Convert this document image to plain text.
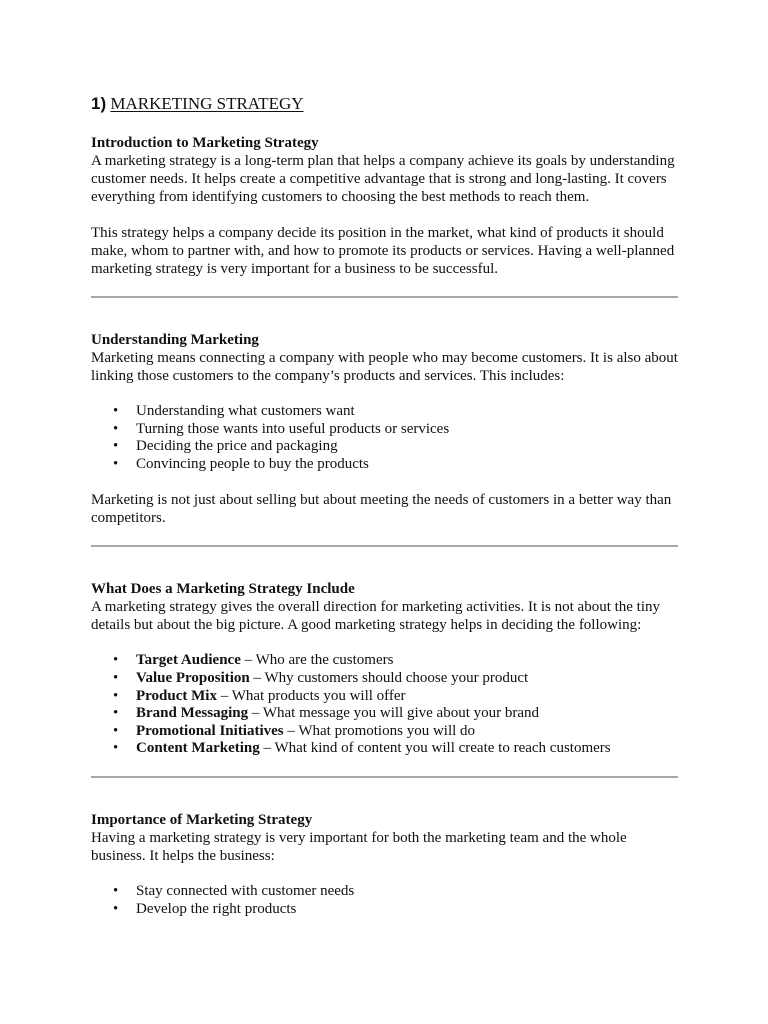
1) MARKETING STRATEGY
Introduction to Marketing Strategy

A marketing strategy is a long-term plan that helps a company achieve its goals by understanding customer needs. It helps create a competitive advantage that is strong and long-lasting. It covers everything from identifying customers to choosing the best methods to reach them.

This strategy helps a company decide its position in the market, what kind of products it should make, whom to partner with, and how to promote its products or services. Having a well-planned marketing strategy is very important for a business to be successful.

Understanding Marketing

Marketing means connecting a company with people who may become customers. It is also about linking those customers to the company’s products and services. This includes:

• Understanding what customers want
• Turning those wants into useful products or services
• Deciding the price and packaging
• Convincing people to buy the products

Marketing is not just about selling but about meeting the needs of customers in a better way than competitors.

What Does a Marketing Strategy Include

A marketing strategy gives the overall direction for marketing activities. It is not about the tiny details but about the big picture. A good marketing strategy helps in deciding the following:

• Target Audience – Who are the customers
• Value Proposition – Why customers should choose your product
• Product Mix – What products you will offer
• Brand Messaging – What message you will give about your brand
• Promotional Initiatives – What promotions you will do
• Content Marketing – What kind of content you will create to reach customers
Importance of Marketing Strategy

Having a marketing strategy is very important for both the marketing team and the whole business. It helps the business:

• Stay connected with customer needs
• Develop the right products
